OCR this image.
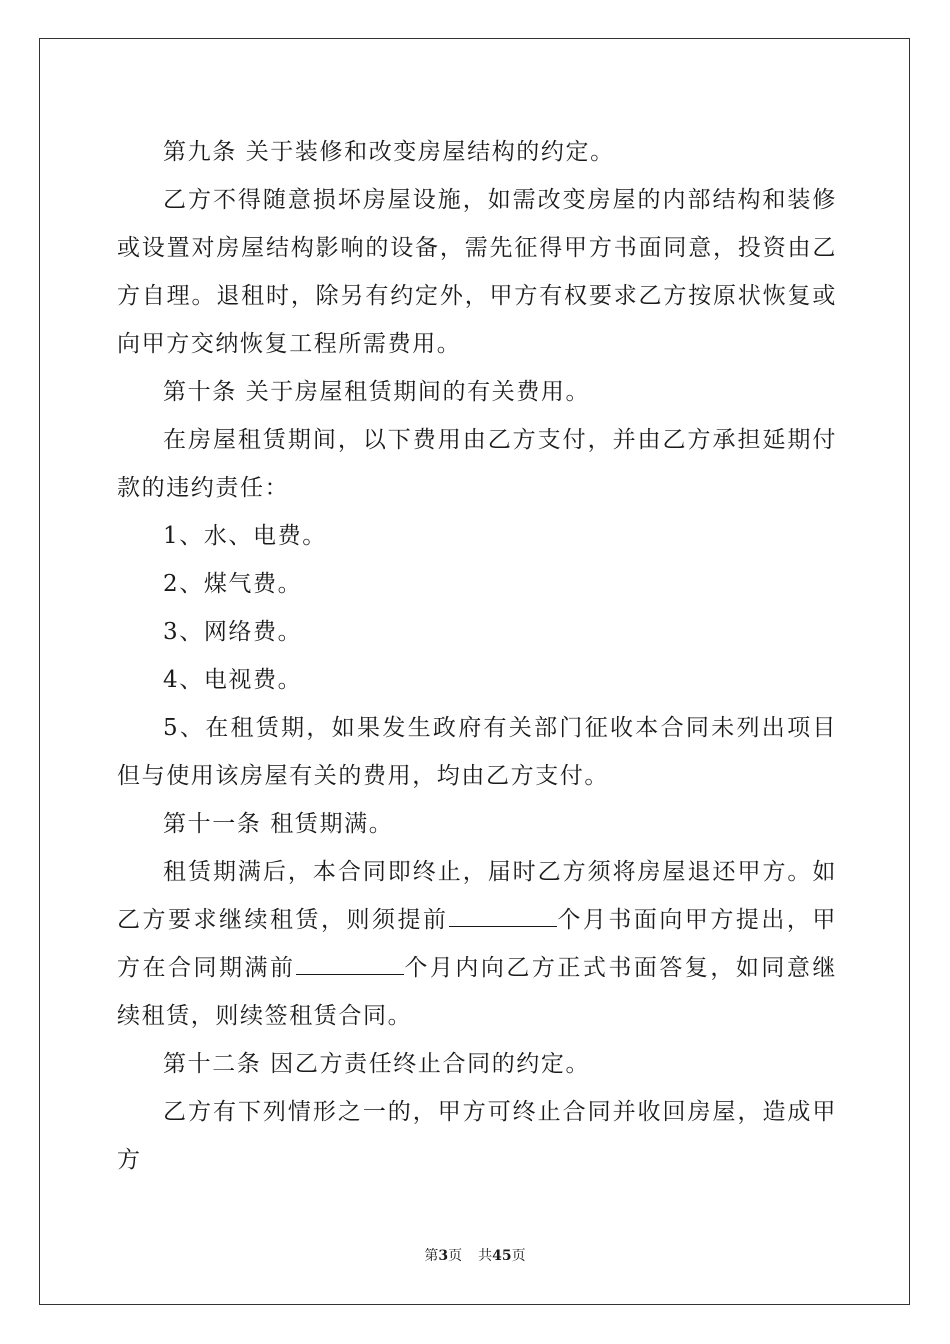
第九条 关于装修和改变房屋结构的约定。

乙方不得随意损坏房屋设施，如需改变房屋的内部结构和装修或设置对房屋结构影响的设备，需先征得甲方书面同意，投资由乙方自理。退租时，除另有约定外，甲方有权要求乙方按原状恢复或向甲方交纳恢复工程所需费用。

第十条 关于房屋租赁期间的有关费用。

在房屋租赁期间，以下费用由乙方支付，并由乙方承担延期付款的违约责任：

1、水、电费。

2、煤气费。

3、网络费。

4、电视费。

5、在租赁期，如果发生政府有关部门征收本合同未列出项目但与使用该房屋有关的费用，均由乙方支付。

第十一条 租赁期满。

租赁期满后，本合同即终止，届时乙方须将房屋退还甲方。如乙方要求继续租赁，则须提前	个月书面向甲方提出，甲方在合同期满前	个月内向乙方正式书面答复，如同意继续租赁，则续签租赁合同。

第十二条 因乙方责任终止合同的约定。

乙方有下列情形之一的，甲方可终止合同并收回房屋，造成甲方

第3页 共45页
